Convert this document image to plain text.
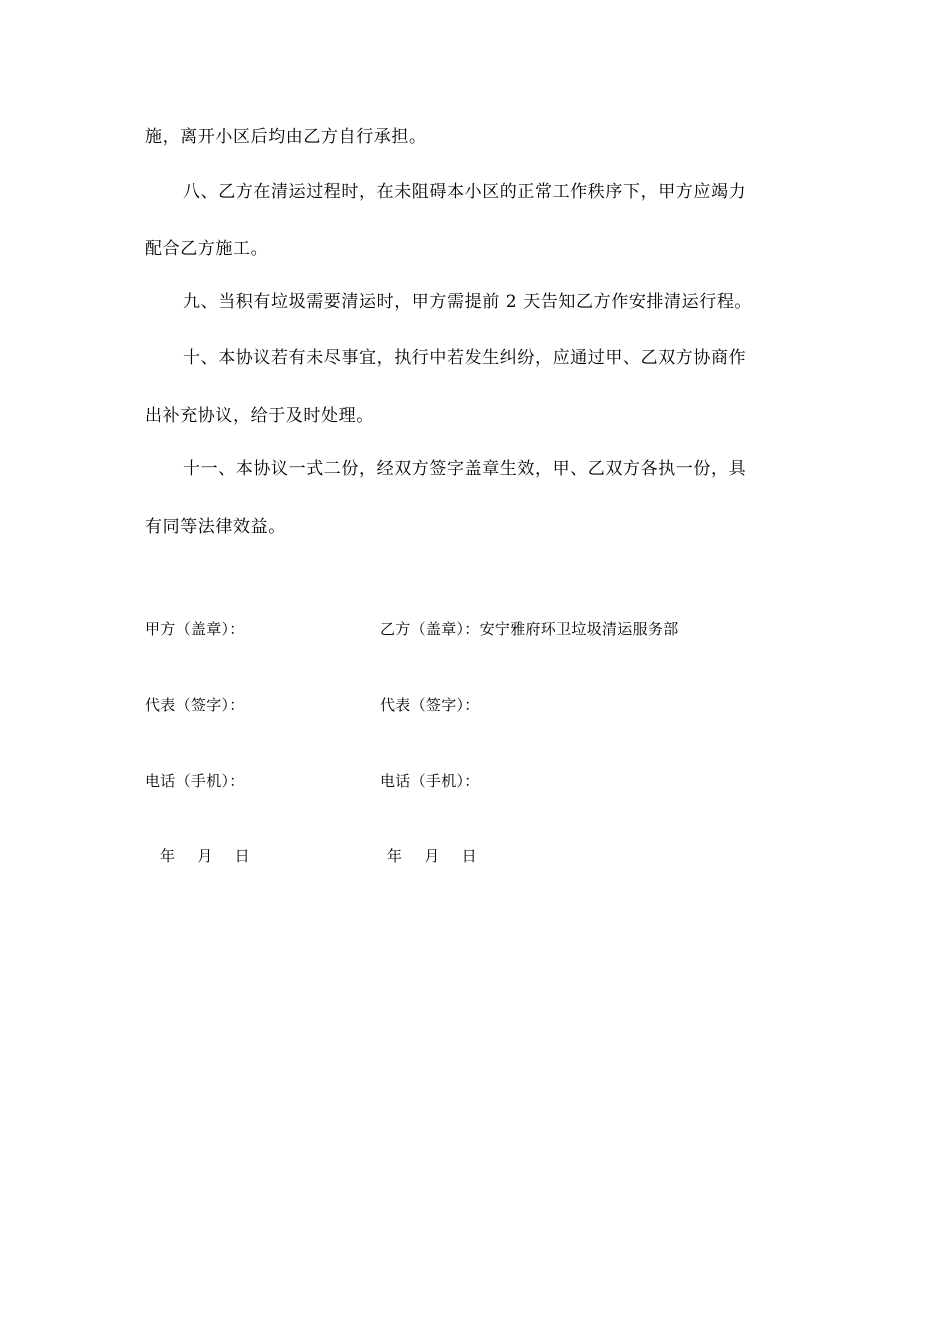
施，离开小区后均由乙方自行承担。
八、乙方在清运过程时，在未阻碍本小区的正常工作秩序下，甲方应竭力
配合乙方施工。
九、当积有垃圾需要清运时，甲方需提前 2 天告知乙方作安排清运行程。
十、本协议若有未尽事宜，执行中若发生纠纷，应通过甲、乙双方协商作
出补充协议，给于及时处理。
十一、本协议一式二份，经双方签字盖章生效，甲、乙双方各执一份，具
有同等法律效益。
甲方（盖章）：	乙方（盖章）：安宁雅府环卫垃圾清运服务部
代表（签字）：	代表（签字）：
电话（手机）：	电话（手机）：
年 月 日	年 月 日
